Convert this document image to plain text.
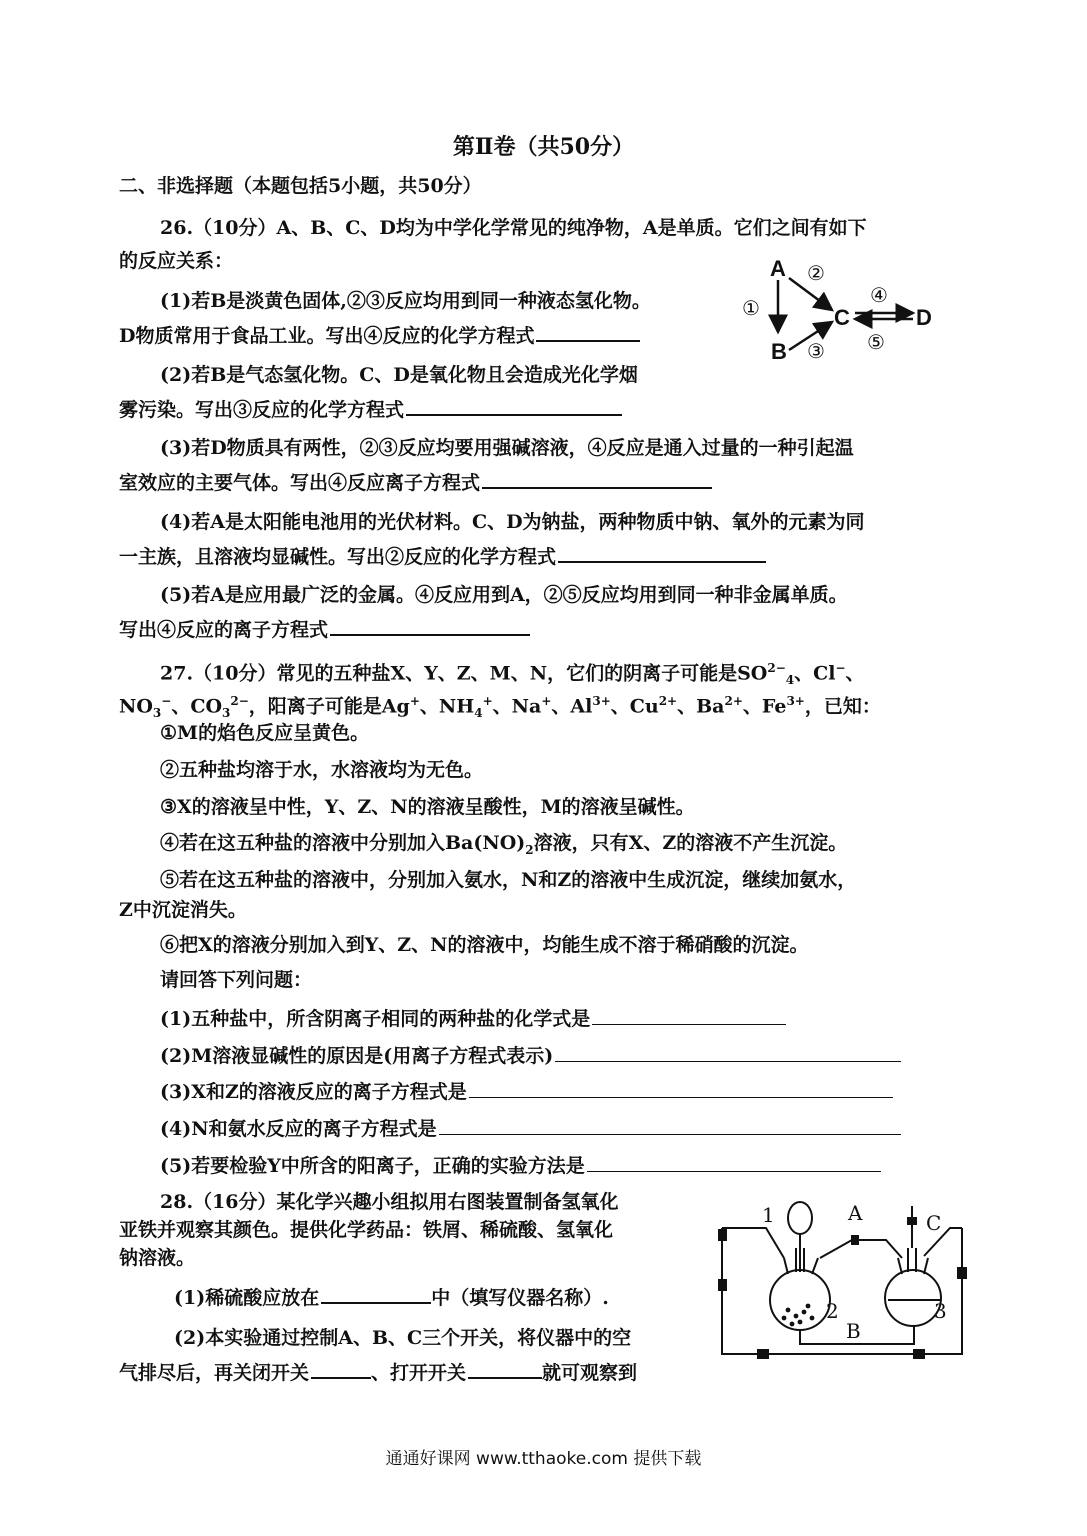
第Ⅱ卷（共50分）
二、非选择题（本题包括5小题，共50分）
26.（10分）A、B、C、D均为中学化学常见的纯净物，A是单质。它们之间有如下
的反应关系：
(1)若B是淡黄色固体,②③反应均用到同一种液态氢化物。
D物质常用于食品工业。写出④反应的化学方程式
(2)若B是气态氢化物。C、D是氧化物且会造成光化学烟
雾污染。写出③反应的化学方程式
(3)若D物质具有两性，②③反应均要用强碱溶液，④反应是通入过量的一种引起温
室效应的主要气体。写出④反应离子方程式
(4)若A是太阳能电池用的光伏材料。C、D为钠盐，两种物质中钠、氧外的元素为同
一主族，且溶液均显碱性。写出②反应的化学方程式
(5)若A是应用最广泛的金属。④反应用到A，②⑤反应均用到同一种非金属单质。
写出④反应的离子方程式
A
B
C	D
②
①
③
④
⑤
27.（10分）常见的五种盐X、Y、Z、M、N，它们的阴离子可能是$SO^{2-}_4$、Cl−、
$NO_3^-$、$CO_3^{2-}$，阳离子可能是Ag+、$NH_4^+$、Na+、$Al^{3+}$、$Cu^{2+}$、$Ba^{2+}$、$Fe^{3+}$，已知：
①M的焰色反应呈黄色。
②五种盐均溶于水，水溶液均为无色。
③X的溶液呈中性，Y、Z、N的溶液呈酸性，M的溶液呈碱性。
④若在这五种盐的溶液中分别加入$Ba(NO)_2$溶液，只有X、Z的溶液不产生沉淀。
⑤若在这五种盐的溶液中，分别加入氨水，N和Z的溶液中生成沉淀，继续加氨水，
Z中沉淀消失。
⑥把X的溶液分别加入到Y、Z、N的溶液中，均能生成不溶于稀硝酸的沉淀。
请回答下列问题：
(1)五种盐中，所含阴离子相同的两种盐的化学式是
(2)M溶液显碱性的原因是(用离子方程式表示)
(3)X和Z的溶液反应的离子方程式是
(4)N和氨水反应的离子方程式是
(5)若要检验Y中所含的阳离子，正确的实验方法是
28.（16分）某化学兴趣小组拟用右图装置制备氢氧化
亚铁并观察其颜色。提供化学药品：铁屑、稀硫酸、氢氧化
钠溶液。
(1)稀硫酸应放在	中（填写仪器名称）.
(2)本实验通过控制A、B、C三个开关，将仪器中的空
气排尽后，再关闭开关	、打开开关	就可观察到
1	A	C
2	3
B
通通好课网 www.tthaoke.com 提供下载
